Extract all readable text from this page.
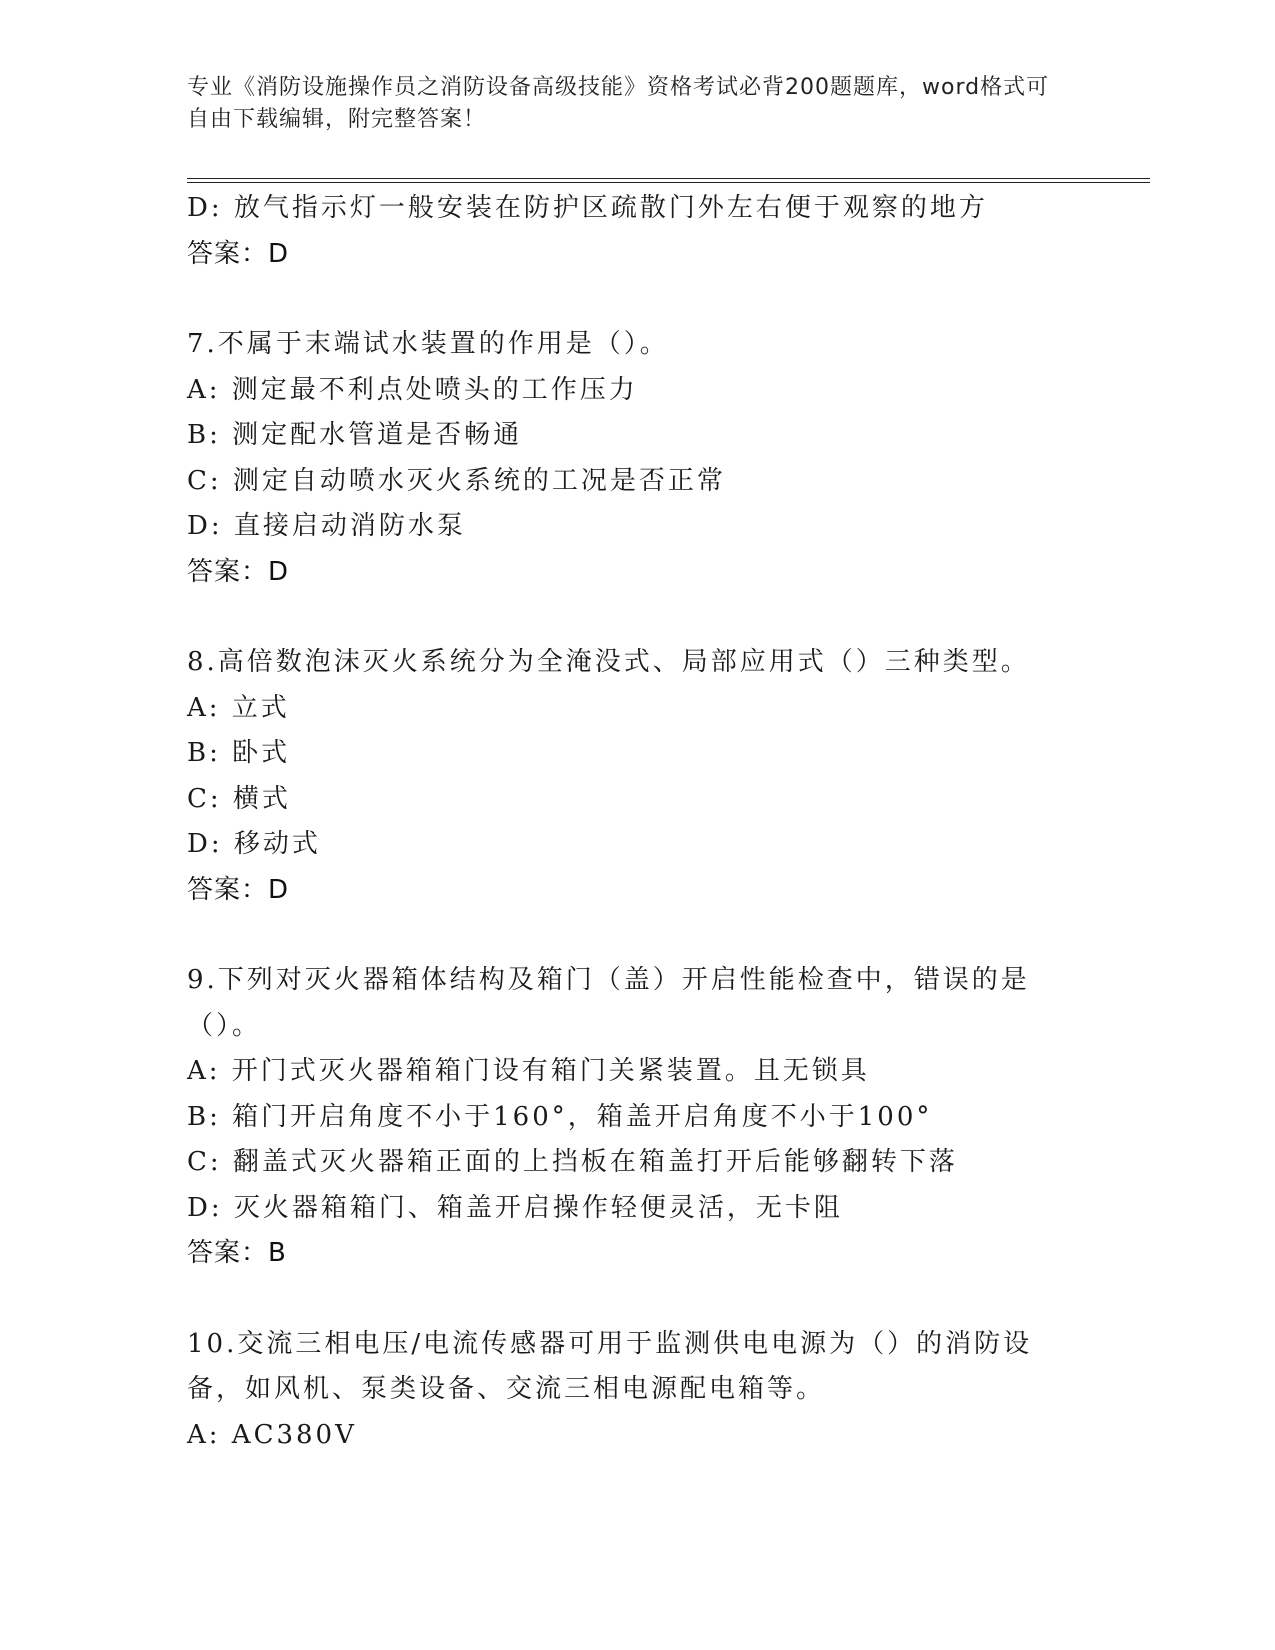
专业《消防设施操作员之消防设备高级技能》资格考试必背200题题库，word格式可自由下载编辑，附完整答案！
D: 放气指示灯一般安装在防护区疏散门外左右便于观察的地方
答案：D
7.不属于末端试水装置的作用是（）。
A: 测定最不利点处喷头的工作压力
B: 测定配水管道是否畅通
C: 测定自动喷水灭火系统的工况是否正常
D: 直接启动消防水泵
答案：D
8.高倍数泡沫灭火系统分为全淹没式、局部应用式（）三种类型。
A: 立式
B: 卧式
C: 横式
D: 移动式
答案：D
9.下列对灭火器箱体结构及箱门（盖）开启性能检查中，错误的是（）。
A: 开门式灭火器箱箱门设有箱门关紧装置。且无锁具
B: 箱门开启角度不小于160°，箱盖开启角度不小于100°
C: 翻盖式灭火器箱正面的上挡板在箱盖打开后能够翻转下落
D: 灭火器箱箱门、箱盖开启操作轻便灵活，无卡阻
答案：B
10.交流三相电压/电流传感器可用于监测供电电源为（）的消防设备，如风机、泵类设备、交流三相电源配电箱等。
A: AC380V
